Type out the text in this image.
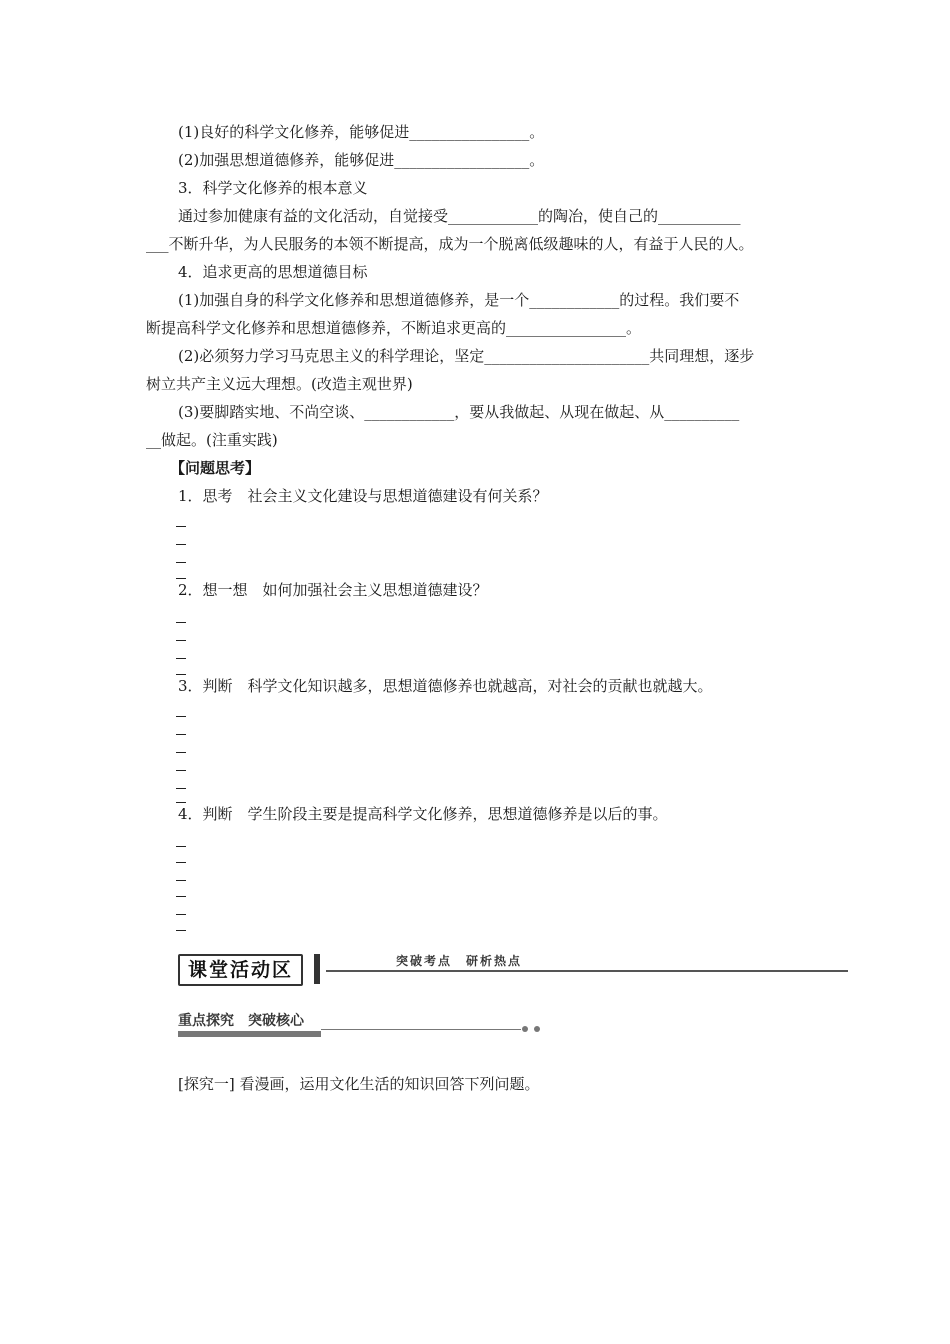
(1)良好的科学文化修养，能够促进________________。
(2)加强思想道德修养，能够促进__________________。
3．科学文化修养的根本意义
通过参加健康有益的文化活动，自觉接受____________的陶冶，使自己的___________
___不断升华，为人民服务的本领不断提高，成为一个脱离低级趣味的人，有益于人民的人。
4．追求更高的思想道德目标
(1)加强自身的科学文化修养和思想道德修养，是一个____________的过程。我们要不
断提高科学文化修养和思想道德修养，不断追求更高的________________。
(2)必须努力学习马克思主义的科学理论，坚定______________________共同理想，逐步
树立共产主义远大理想。(改造主观世界)
(3)要脚踏实地、不尚空谈、____________，要从我做起、从现在做起、从__________
__做起。(注重实践)
【问题思考】
1．思考　社会主义文化建设与思想道德建设有何关系？
2．想一想　如何加强社会主义思想道德建设？
3．判断　科学文化知识越多，思想道德修养也就越高，对社会的贡献也就越大。
4．判断　学生阶段主要是提高科学文化修养，思想道德修养是以后的事。
课堂活动区	突破考点　研析热点
重点探究　突破核心
[探究一] 看漫画，运用文化生活的知识回答下列问题。
